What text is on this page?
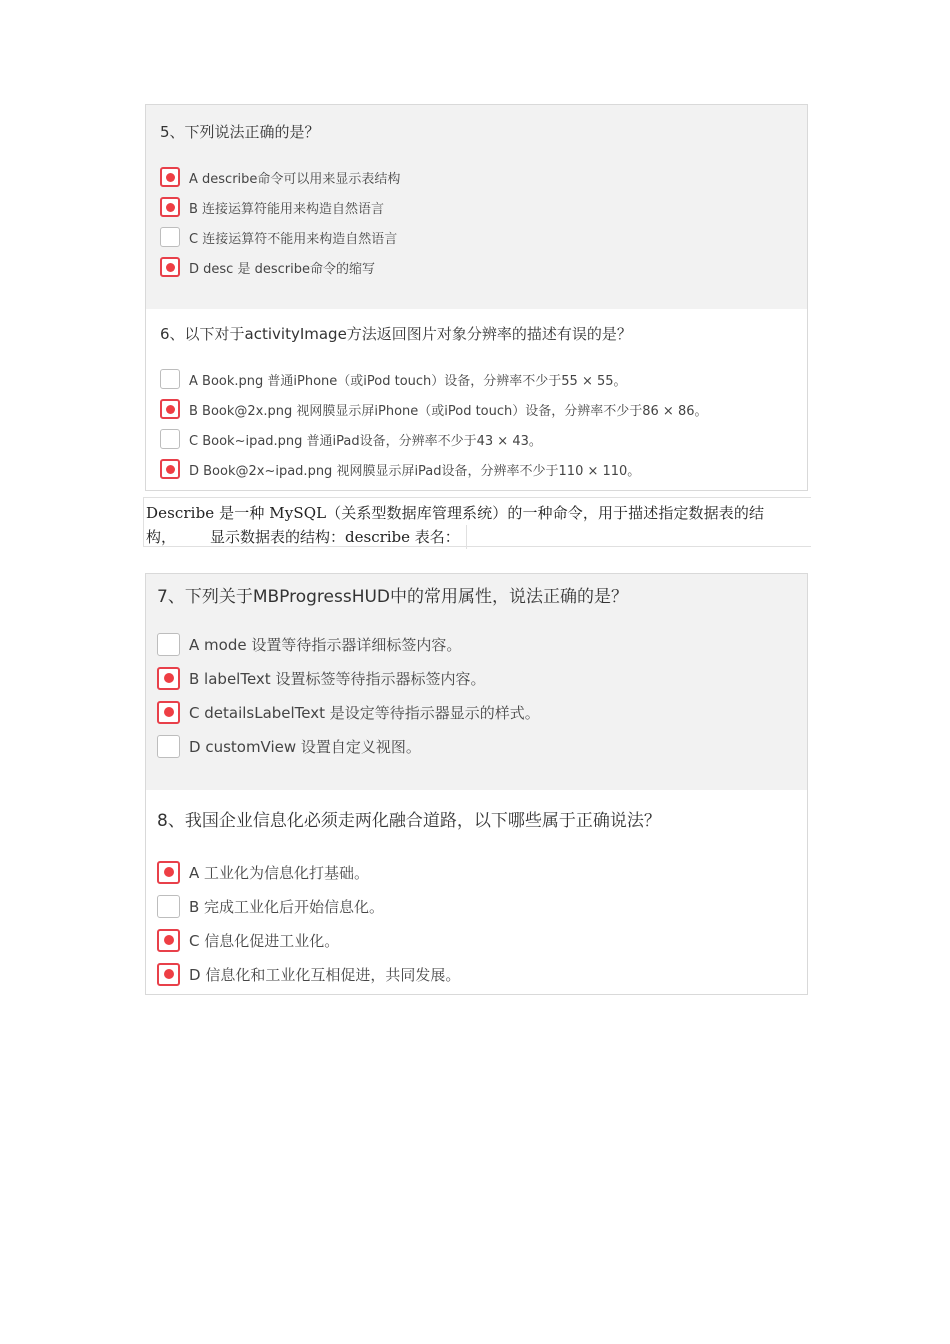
5、下列说法正确的是？
A describe命令可以用来显示表结构
B 连接运算符能用来构造自然语言
C 连接运算符不能用来构造自然语言
D desc 是 describe命令的缩写
6、以下对于activityImage方法返回图片对象分辨率的描述有误的是？
A Book.png 普通iPhone（或iPod touch）设备，分辨率不少于55 × 55。
B Book@2x.png 视网膜显示屏iPhone（或iPod touch）设备，分辨率不少于86 × 86。
C Book~ipad.png 普通iPad设备，分辨率不少于43 × 43。
D Book@2x~ipad.png 视网膜显示屏iPad设备，分辨率不少于110 × 110。
Describe 是一种 MySQL（关系型数据库管理系统）的一种命令，用于描述指定数据表的结
构， 显示数据表的结构：describe 表名：
7、下列关于MBProgressHUD中的常用属性，说法正确的是？
A mode 设置等待指示器详细标签内容。
B labelText 设置标签等待指示器标签内容。
C detailsLabelText 是设定等待指示器显示的样式。
D customView 设置自定义视图。
8、我国企业信息化必须走两化融合道路，以下哪些属于正确说法？
A 工业化为信息化打基础。
B 完成工业化后开始信息化。
C 信息化促进工业化。
D 信息化和工业化互相促进，共同发展。
